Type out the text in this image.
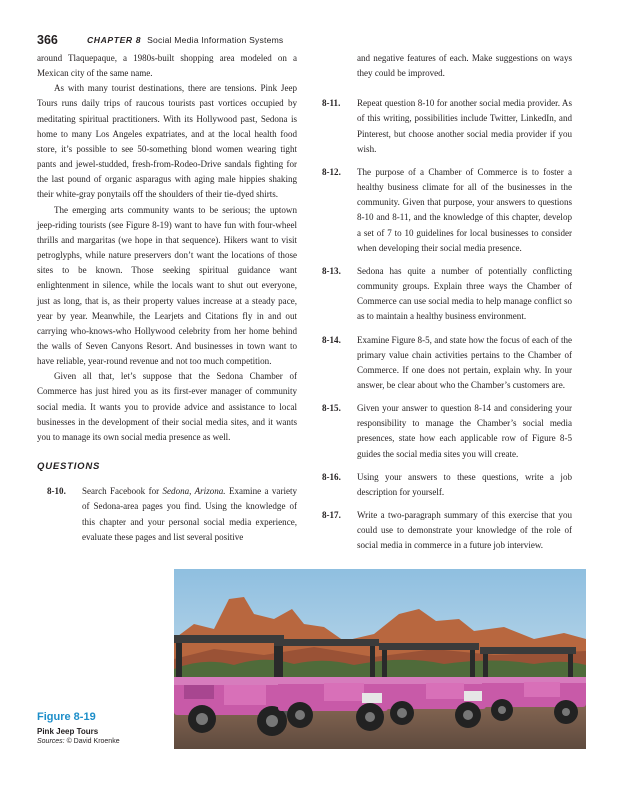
366	CHAPTER 8 Social Media Information Systems

around Tlaquepaque, a 1980s-built shopping area modeled on a Mexican city of the same name.

As with many tourist destinations, there are tensions. Pink Jeep Tours runs daily trips of raucous tourists past vortices occupied by meditating spiritual practitioners. With its Hollywood past, Sedona is home to many Los Angeles expatriates, and at the local health food store, it’s possible to see 50-something blond women wearing tight pants and jewel-studded, fresh-from-Rodeo-Drive sandals fighting for the last pound of organic asparagus with aging male hippies shaking their white-gray ponytails off the shoulders of their tie-dyed shirts.

The emerging arts community wants to be serious; the uptown jeep-riding tourists (see Figure 8-19) want to have fun with four-wheel thrills and margaritas (we hope in that sequence). Hikers want to visit petroglyphs, while nature preservers don’t want the locations of those sites to be known. Those seeking spiritual guidance want enlightenment in silence, while the locals want to shut out everyone, just as long, that is, as their property values increase at a steady pace, year by year. Meanwhile, the Learjets and Citations fly in and out carrying who-knows-who Hollywood celebrity from her home behind the walls of Seven Canyons Resort. And businesses in town want to have reliable, year-round revenue and not too much competition.

Given all that, let’s suppose that the Sedona Chamber of Commerce has just hired you as its first-ever manager of community social media. It wants you to provide advice and assistance to local businesses in the development of their social media sites, and it wants you to manage its own social media presence as well.

QUESTIONS

8-10. Search Facebook for Sedona, Arizona. Examine a variety of Sedona-area pages you find. Using the knowledge of this chapter and your personal social media experience, evaluate these pages and list several positive

and negative features of each. Make suggestions on ways they could be improved.

8-11. Repeat question 8-10 for another social media provider. As of this writing, possibilities include Twitter, LinkedIn, and Pinterest, but choose another social media provider if you wish.

8-12. The purpose of a Chamber of Commerce is to foster a healthy business climate for all of the businesses in the community. Given that purpose, your answers to questions 8-10 and 8-11, and the knowledge of this chapter, develop a set of 7 to 10 guidelines for local businesses to consider when developing their social media presence.

8-13. Sedona has quite a number of potentially conflicting community groups. Explain three ways the Chamber of Commerce can use social media to help manage conflict so as to maintain a healthy business environment.

8-14. Examine Figure 8-5, and state how the focus of each of the primary value chain activities pertains to the Chamber of Commerce. If one does not pertain, explain why. In your answer, be clear about who the Chamber’s customers are.

8-15. Given your answer to question 8-14 and considering your responsibility to manage the Chamber’s social media presences, state how each applicable row of Figure 8-5 guides the social media sites you will create.

8-16. Using your answers to these questions, write a job description for yourself.

8-17. Write a two-paragraph summary of this exercise that you could use to demonstrate your knowledge of the role of social media in commerce in a future job interview.

Figure 8-19
Pink Jeep Tours
Sources: © David Kroenke
